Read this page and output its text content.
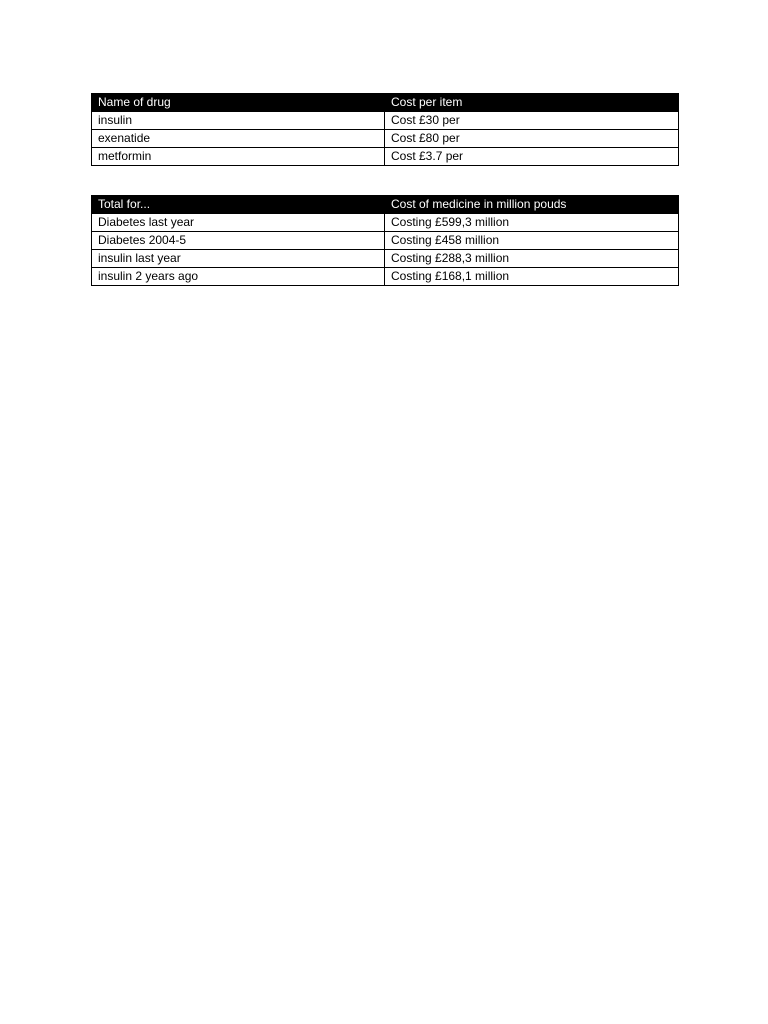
Name of drug	Cost per item
insulin	Cost £30 per
exenatide	Cost £80 per
metformin	Cost £3.7 per
Total for...	Cost of medicine in million pouds
Diabetes last year	Costing £599,3 million
Diabetes 2004-5	Costing £458 million
insulin last year	Costing £288,3 million
insulin 2 years ago	Costing £168,1 million
